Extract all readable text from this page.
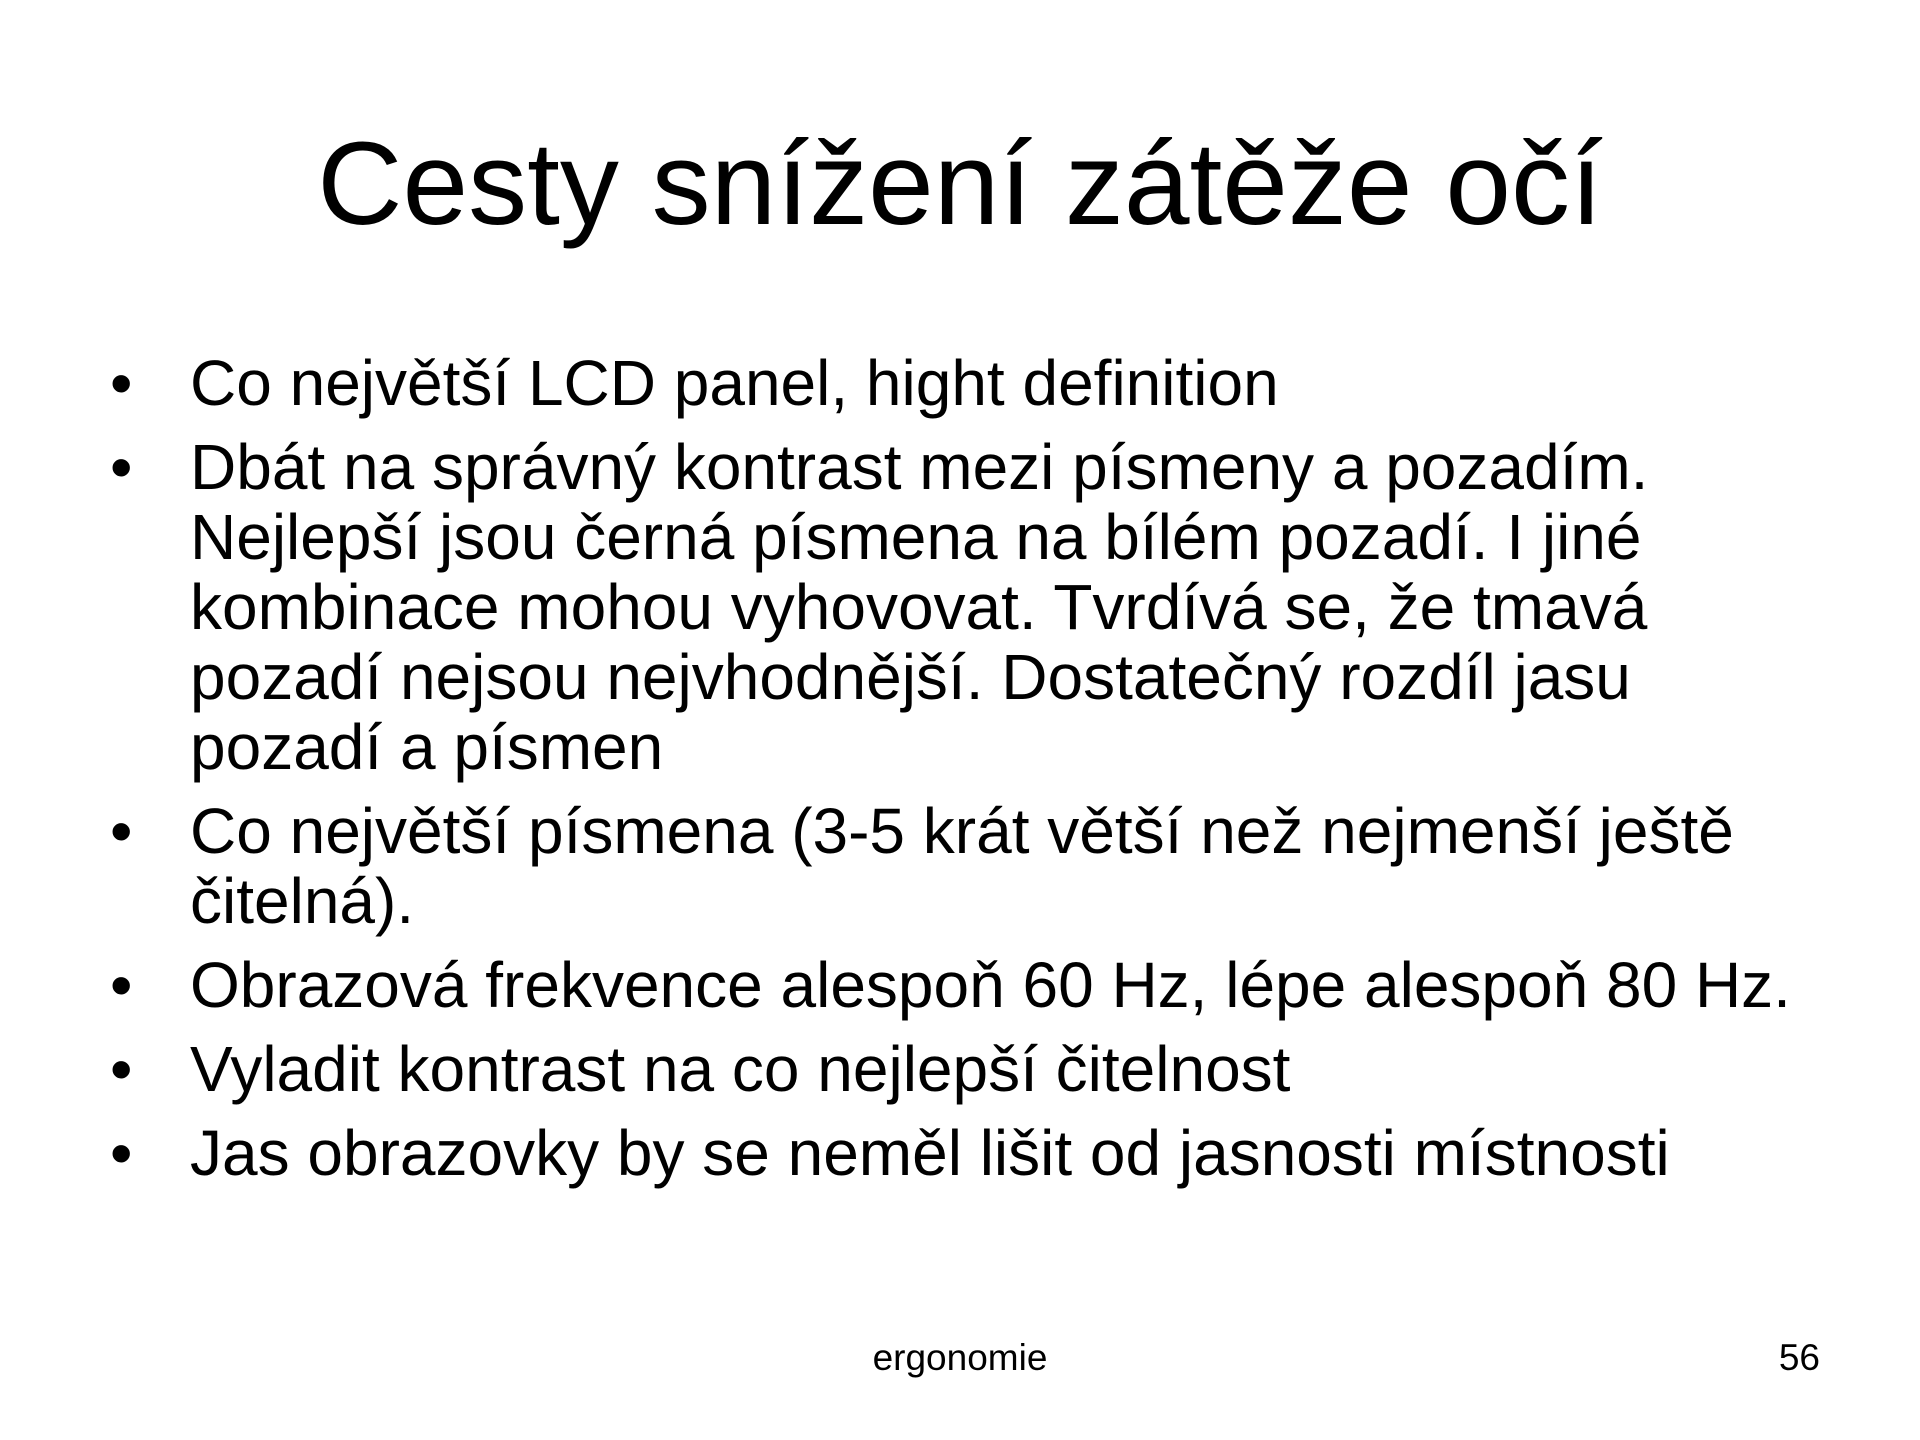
Cesty snížení zátěže očí
• Co největší LCD panel, hight definition
• Dbát na správný kontrast mezi písmeny a pozadím.
Nejlepší jsou černá písmena na bílém pozadí. I jiné
kombinace mohou vyhovovat. Tvrdívá se, že tmavá
pozadí nejsou nejvhodnější. Dostatečný rozdíl jasu
pozadí a písmen
• Co největší písmena (3-5 krát větší než nejmenší ještě
čitelná).
• Obrazová frekvence alespoň 60 Hz, lépe alespoň 80 Hz.
• Vyladit kontrast na co nejlepší čitelnost
• Jas obrazovky by se neměl lišit od jasnosti místnosti
ergonomie	56
